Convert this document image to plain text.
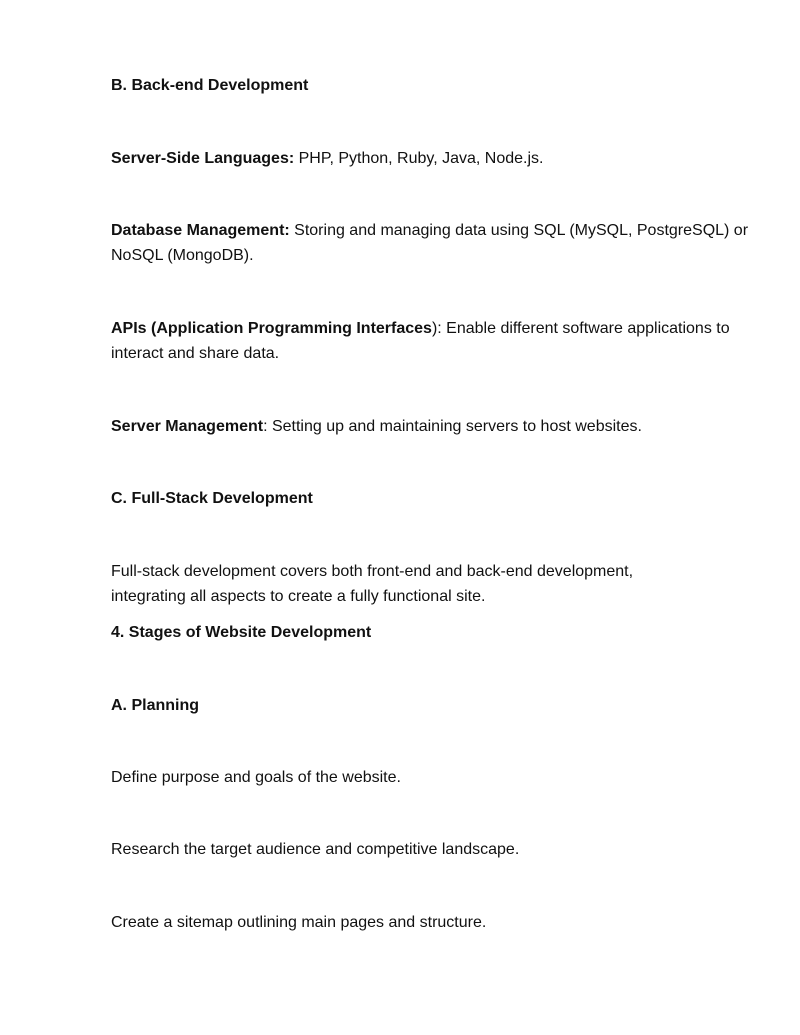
B. Back-end Development

Server-Side Languages: PHP, Python, Ruby, Java, Node.js.

Database Management: Storing and managing data using SQL (MySQL, PostgreSQL) or NoSQL (MongoDB).

APIs (Application Programming Interfaces): Enable different software applications to interact and share data.

Server Management: Setting up and maintaining servers to host websites.

C. Full-Stack Development

Full-stack development covers both front-end and back-end development, integrating all aspects to create a fully functional site.

4. Stages of Website Development

A. Planning

Define purpose and goals of the website.

Research the target audience and competitive landscape.

Create a sitemap outlining main pages and structure.
